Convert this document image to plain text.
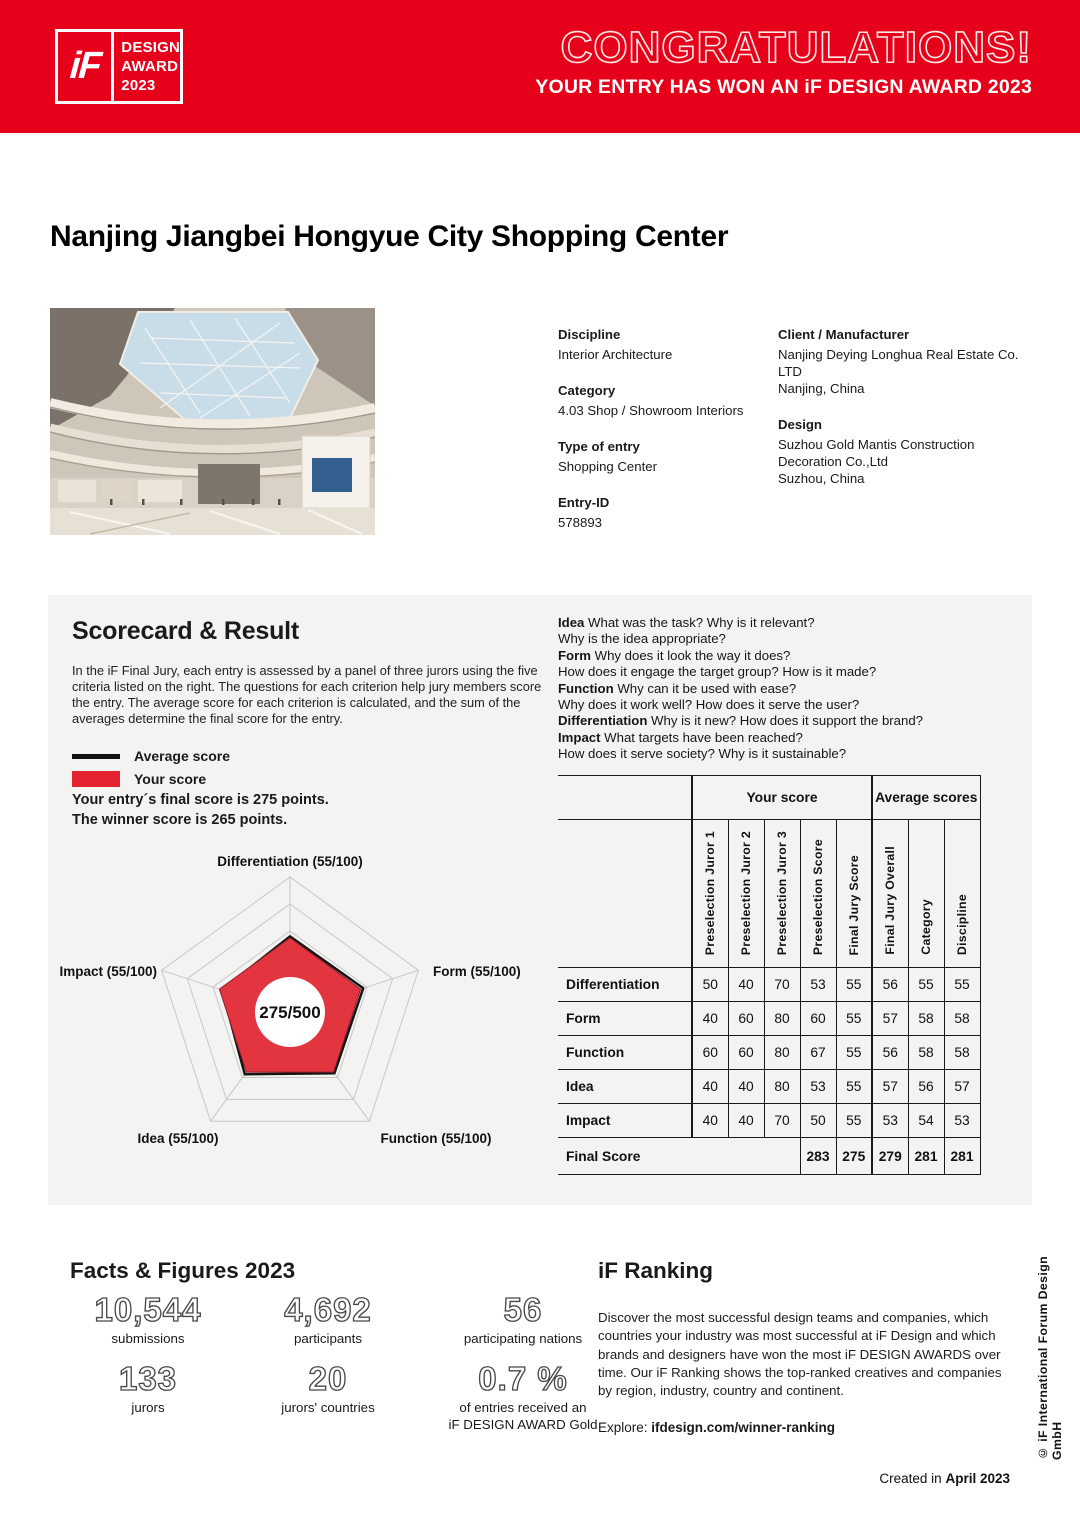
iF DESIGN
AWARD
2023
CONGRATULATIONS!
YOUR ENTRY HAS WON AN iF DESIGN AWARD 2023
Nanjing Jiangbei Hongyue City Shopping Center
Discipline
Interior Architecture
Category
4.03 Shop / Showroom Interiors
Type of entry
Shopping Center
Entry-ID
578893
Client / Manufacturer
Nanjing Deying Longhua Real Estate Co.
LTD
Nanjing, China
Design
Suzhou Gold Mantis Construction
Decoration Co.,Ltd
Suzhou, China
Scorecard & Result

In the iF Final Jury, each entry is assessed by a panel of three jurors using the five criteria listed on the right. The questions for each criterion help jury members score the entry. The average score for each criterion is calculated, and the sum of the averages determine the final score for the entry.

Average score
Your score
Your entry´s final score is 275 points.
The winner score is 265 points.
275/500
Differentiation (55/100)
Form (55/100)
Function (55/100)
Idea (55/100)
Impact (55/100)
Idea What was the task? Why is it relevant?
Why is the idea appropriate?
Form Why does it look the way it does?
How does it engage the target group? How is it made?
Function Why can it be used with ease?
Why does it work well? How does it serve the user?
Differentiation Why is it new? How does it support the brand?
Impact What targets have been reached?
How does it serve society? Why is it sustainable?
	Your score					Average scores		
	Preselection Juror 1	Preselection Juror 2	Preselection Juror 3	Preselection Score	Final Jury Score	Final Jury Overall	Category	Discipline
Differentiation	50	40	70	53	55	56	55	55
Form	40	60	80	60	55	57	58	58
Function	60	60	80	67	55	56	58	58
Idea	40	40	80	53	55	57	56	57
Impact	40	40	70	50	55	53	54	53
Final Score				283	275	279	281	281
Facts & Figures 2023
10,544
submissions
4,692
participants
56
participating nations
133
jurors
20
jurors' countries
0.7 %
of entries received an
iF DESIGN AWARD Gold
iF Ranking

Discover the most successful design teams and companies, which countries your industry was most successful at iF Design and which brands and designers have won the most iF DESIGN AWARDS over time. Our iF Ranking shows the top-ranked creatives and companies by region, industry, country and continent.

Explore: ifdesign.com/winner-ranking	© iF International Forum Design GmbH
Created in April 2023
